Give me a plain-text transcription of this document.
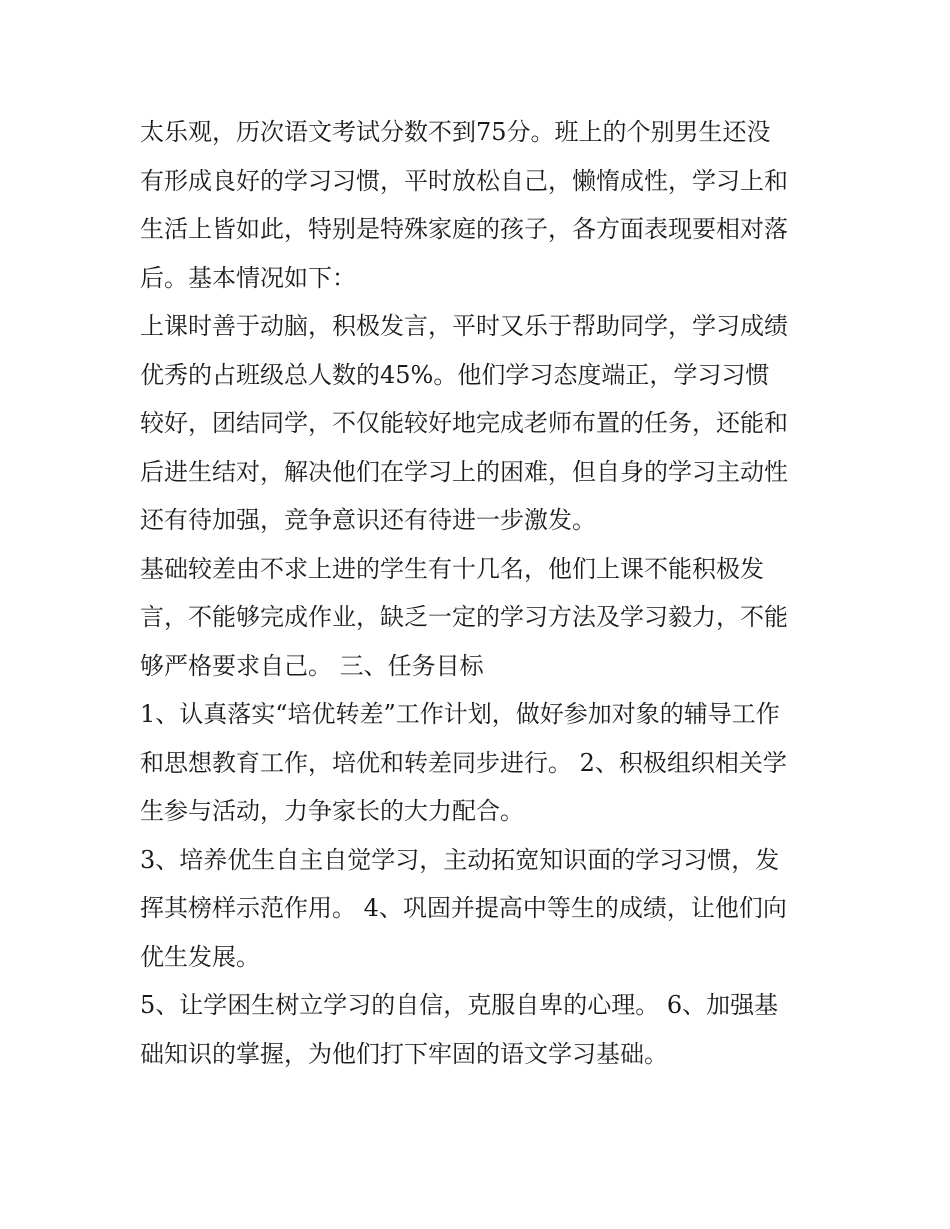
太乐观，历次语文考试分数不到75分。班上的个别男生还没
有形成良好的学习习惯，平时放松自己，懒惰成性，学习上和
生活上皆如此，特别是特殊家庭的孩子，各方面表现要相对落
后。基本情况如下：

上课时善于动脑，积极发言，平时又乐于帮助同学，学习成绩
优秀的占班级总人数的45%。他们学习态度端正，学习习惯
较好，团结同学，不仅能较好地完成老师布置的任务，还能和
后进生结对，解决他们在学习上的困难，但自身的学习主动性
还有待加强，竞争意识还有待进一步激发。

基础较差由不求上进的学生有十几名，他们上课不能积极发
言，不能够完成作业，缺乏一定的学习方法及学习毅力，不能
够严格要求自己。 三、任务目标

1、认真落实“培优转差”工作计划，做好参加对象的辅导工作
和思想教育工作，培优和转差同步进行。 2、积极组织相关学
生参与活动，力争家长的大力配合。

3、培养优生自主自觉学习，主动拓宽知识面的学习习惯，发
挥其榜样示范作用。 4、巩固并提高中等生的成绩，让他们向
优生发展。

5、让学困生树立学习的自信，克服自卑的心理。 6、加强基
础知识的掌握，为他们打下牢固的语文学习基础。
